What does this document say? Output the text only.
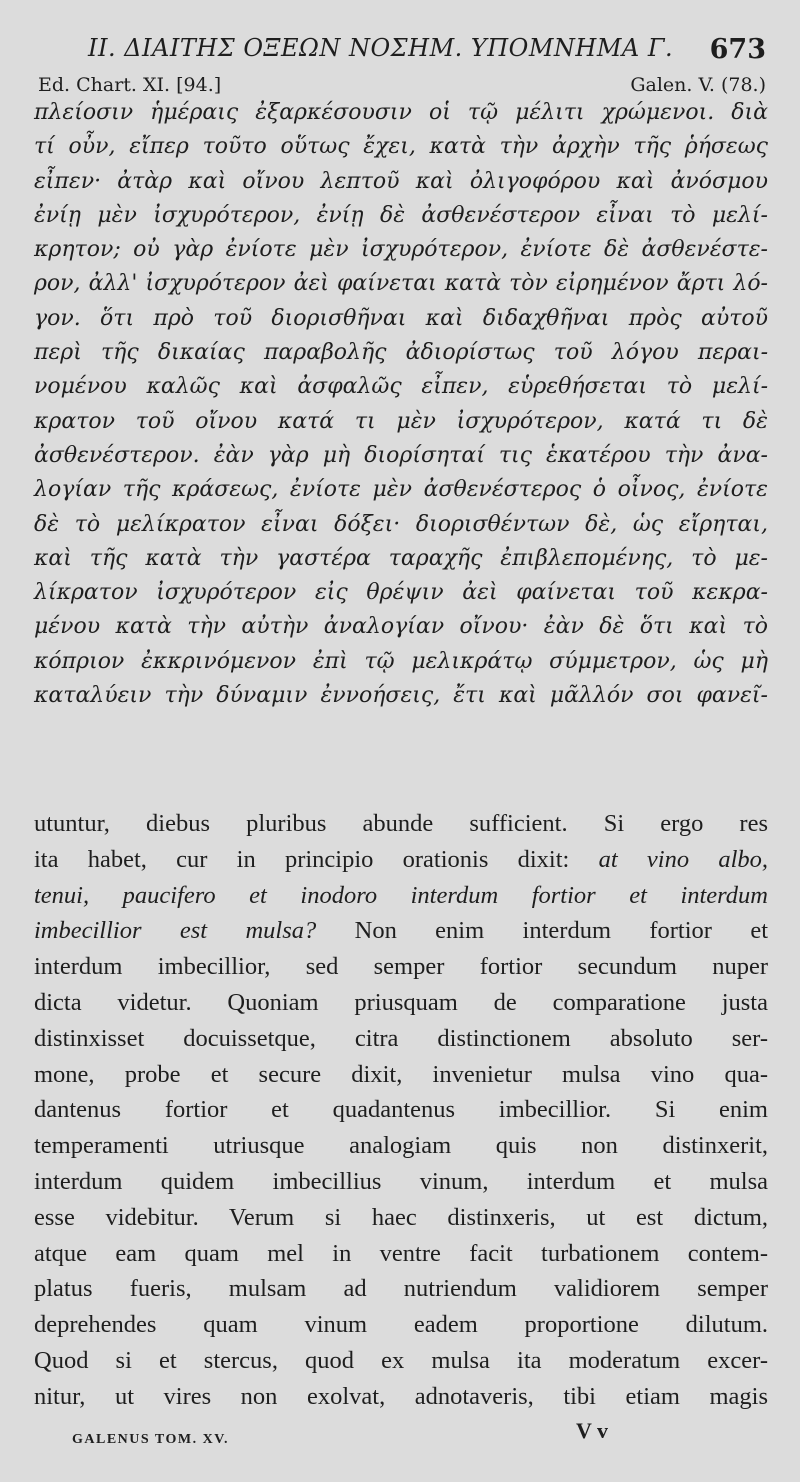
II. ΔΙΑΙΤΗΣ ΟΞΕΩΝ ΝΟΣΗΜ. ΥΠΟΜΝΗΜΑ Γ. 673
Ed. Chart. XI. [94.]	Galen. V. (78.)
πλείοσιν ἡμέραις ἐξαρκέσουσιν οἱ τῷ μέλιτι χρώμενοι. διὰ
τί οὖν, εἴπερ τοῦτο οὕτως ἔχει, κατὰ τὴν ἀρχὴν τῆς ῥήσεως
εἶπεν· ἀτὰρ καὶ οἴνου λεπτοῦ καὶ ὀλιγοφόρου καὶ ἀνόσμου
ἐνίῃ μὲν ἰσχυρότερον, ἐνίῃ δὲ ἀσθενέστερον εἶναι τὸ μελί-
κρητον; οὐ γὰρ ἐνίοτε μὲν ἰσχυρότερον, ἐνίοτε δὲ ἀσθενέστε-
ρον, ἀλλ' ἰσχυρότερον ἀεὶ φαίνεται κατὰ τὸν εἰρημένον ἄρτι λό-
γον. ὅτι πρὸ τοῦ διορισθῆναι καὶ διδαχθῆναι πρὸς αὐτοῦ
περὶ τῆς δικαίας παραβολῆς ἀδιορίστως τοῦ λόγου περαι-
νομένου καλῶς καὶ ἀσφαλῶς εἶπεν, εὑρεθήσεται τὸ μελί-
κρατον τοῦ οἴνου κατά τι μὲν ἰσχυρότερον, κατά τι δὲ
ἀσθενέστερον. ἐὰν γὰρ μὴ διορίσηταί τις ἑκατέρου τὴν ἀνα-
λογίαν τῆς κράσεως, ἐνίοτε μὲν ἀσθενέστερος ὁ οἶνος, ἐνίοτε
δὲ τὸ μελίκρατον εἶναι δόξει· διορισθέντων δὲ, ὡς εἴρηται,
καὶ τῆς κατὰ τὴν γαστέρα ταραχῆς ἐπιβλεπομένης, τὸ με-
λίκρατον ἰσχυρότερον εἰς θρέψιν ἀεὶ φαίνεται τοῦ κεκρα-
μένου κατὰ τὴν αὐτὴν ἀναλογίαν οἴνου· ἐὰν δὲ ὅτι καὶ τὸ
κόπριον ἐκκρινόμενον ἐπὶ τῷ μελικράτῳ σύμμετρον, ὡς μὴ
καταλύειν τὴν δύναμιν ἐννοήσεις, ἔτι καὶ μᾶλλόν σοι φανεῖ-
utuntur, diebus pluribus abunde sufficient. Si ergo res
ita habet, cur in principio orationis dixit: at vino albo,
tenui, paucifero et inodoro interdum fortior et interdum
imbecillior est mulsa? Non enim interdum fortior et
interdum imbecillior, sed semper fortior secundum nuper
dicta videtur. Quoniam priusquam de comparatione justa
distinxisset docuissetque, citra distinctionem absoluto ser-
mone, probe et secure dixit, invenietur mulsa vino qua-
dantenus fortior et quadantenus imbecillior. Si enim
temperamenti utriusque analogiam quis non distinxerit,
interdum quidem imbecillius vinum, interdum et mulsa
esse videbitur. Verum si haec distinxeris, ut est dictum,
atque eam quam mel in ventre facit turbationem contem-
platus fueris, mulsam ad nutriendum validiorem semper
deprehendes quam vinum eadem proportione dilutum.
Quod si et stercus, quod ex mulsa ita moderatum excer-
nitur, ut vires non exolvat, adnotaveris, tibi etiam magis
GALENUS TOM. XV.	V v
